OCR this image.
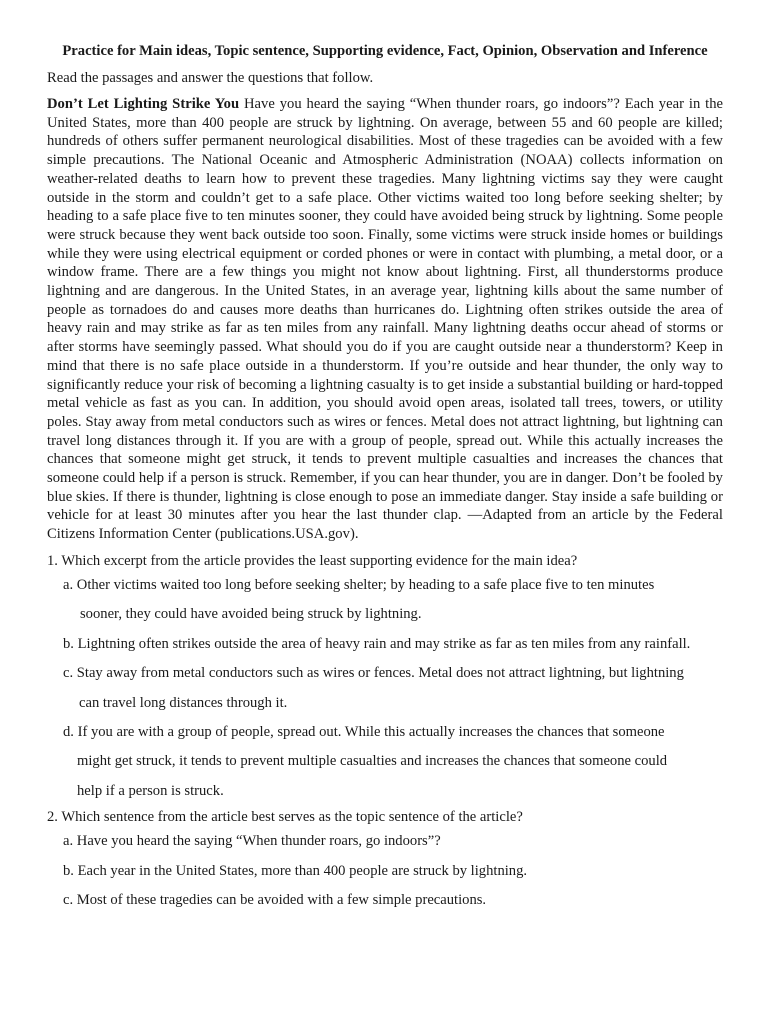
Practice for Main ideas, Topic sentence, Supporting evidence, Fact, Opinion, Observation and Inference

Read the passages and answer the questions that follow.

Don’t Let Lighting Strike You Have you heard the saying “When thunder roars, go indoors”? Each year in the United States, more than 400 people are struck by lightning. On average, between 55 and 60 people are killed; hundreds of others suffer permanent neurological disabilities. Most of these tragedies can be avoided with a few simple precautions. The National Oceanic and Atmospheric Administration (NOAA) collects information on weather-related deaths to learn how to prevent these tragedies. Many lightning victims say they were caught outside in the storm and couldn’t get to a safe place. Other victims waited too long before seeking shelter; by heading to a safe place five to ten minutes sooner, they could have avoided being struck by lightning. Some people were struck because they went back outside too soon. Finally, some victims were struck inside homes or buildings while they were using electrical equipment or corded phones or were in contact with plumbing, a metal door, or a window frame. There are a few things you might not know about lightning. First, all thunderstorms produce lightning and are dangerous. In the United States, in an average year, lightning kills about the same number of people as tornadoes do and causes more deaths than hurricanes do. Lightning often strikes outside the area of heavy rain and may strike as far as ten miles from any rainfall. Many lightning deaths occur ahead of storms or after storms have seemingly passed. What should you do if you are caught outside near a thunderstorm? Keep in mind that there is no safe place outside in a thunderstorm. If you’re outside and hear thunder, the only way to significantly reduce your risk of becoming a lightning casualty is to get inside a substantial building or hard-topped metal vehicle as fast as you can. In addition, you should avoid open areas, isolated tall trees, towers, or utility poles. Stay away from metal conductors such as wires or fences. Metal does not attract lightning, but lightning can travel long distances through it. If you are with a group of people, spread out. While this actually increases the chances that someone might get struck, it tends to prevent multiple casualties and increases the chances that someone could help if a person is struck. Remember, if you can hear thunder, you are in danger. Don’t be fooled by blue skies. If there is thunder, lightning is close enough to pose an immediate danger. Stay inside a safe building or vehicle for at least 30 minutes after you hear the last thunder clap. —Adapted from an article by the Federal Citizens Information Center (publications.USA.gov).

1. Which excerpt from the article provides the least supporting evidence for the main idea?

a. Other victims waited too long before seeking shelter; by heading to a safe place five to ten minutes
sooner, they could have avoided being struck by lightning.
b. Lightning often strikes outside the area of heavy rain and may strike as far as ten miles from any rainfall.
c. Stay away from metal conductors such as wires or fences. Metal does not attract lightning, but lightning
can travel long distances through it.
d. If you are with a group of people, spread out. While this actually increases the chances that someone
might get struck, it tends to prevent multiple casualties and increases the chances that someone could
help if a person is struck.

2. Which sentence from the article best serves as the topic sentence of the article?

a. Have you heard the saying “When thunder roars, go indoors”?
b. Each year in the United States, more than 400 people are struck by lightning.
c. Most of these tragedies can be avoided with a few simple precautions.
